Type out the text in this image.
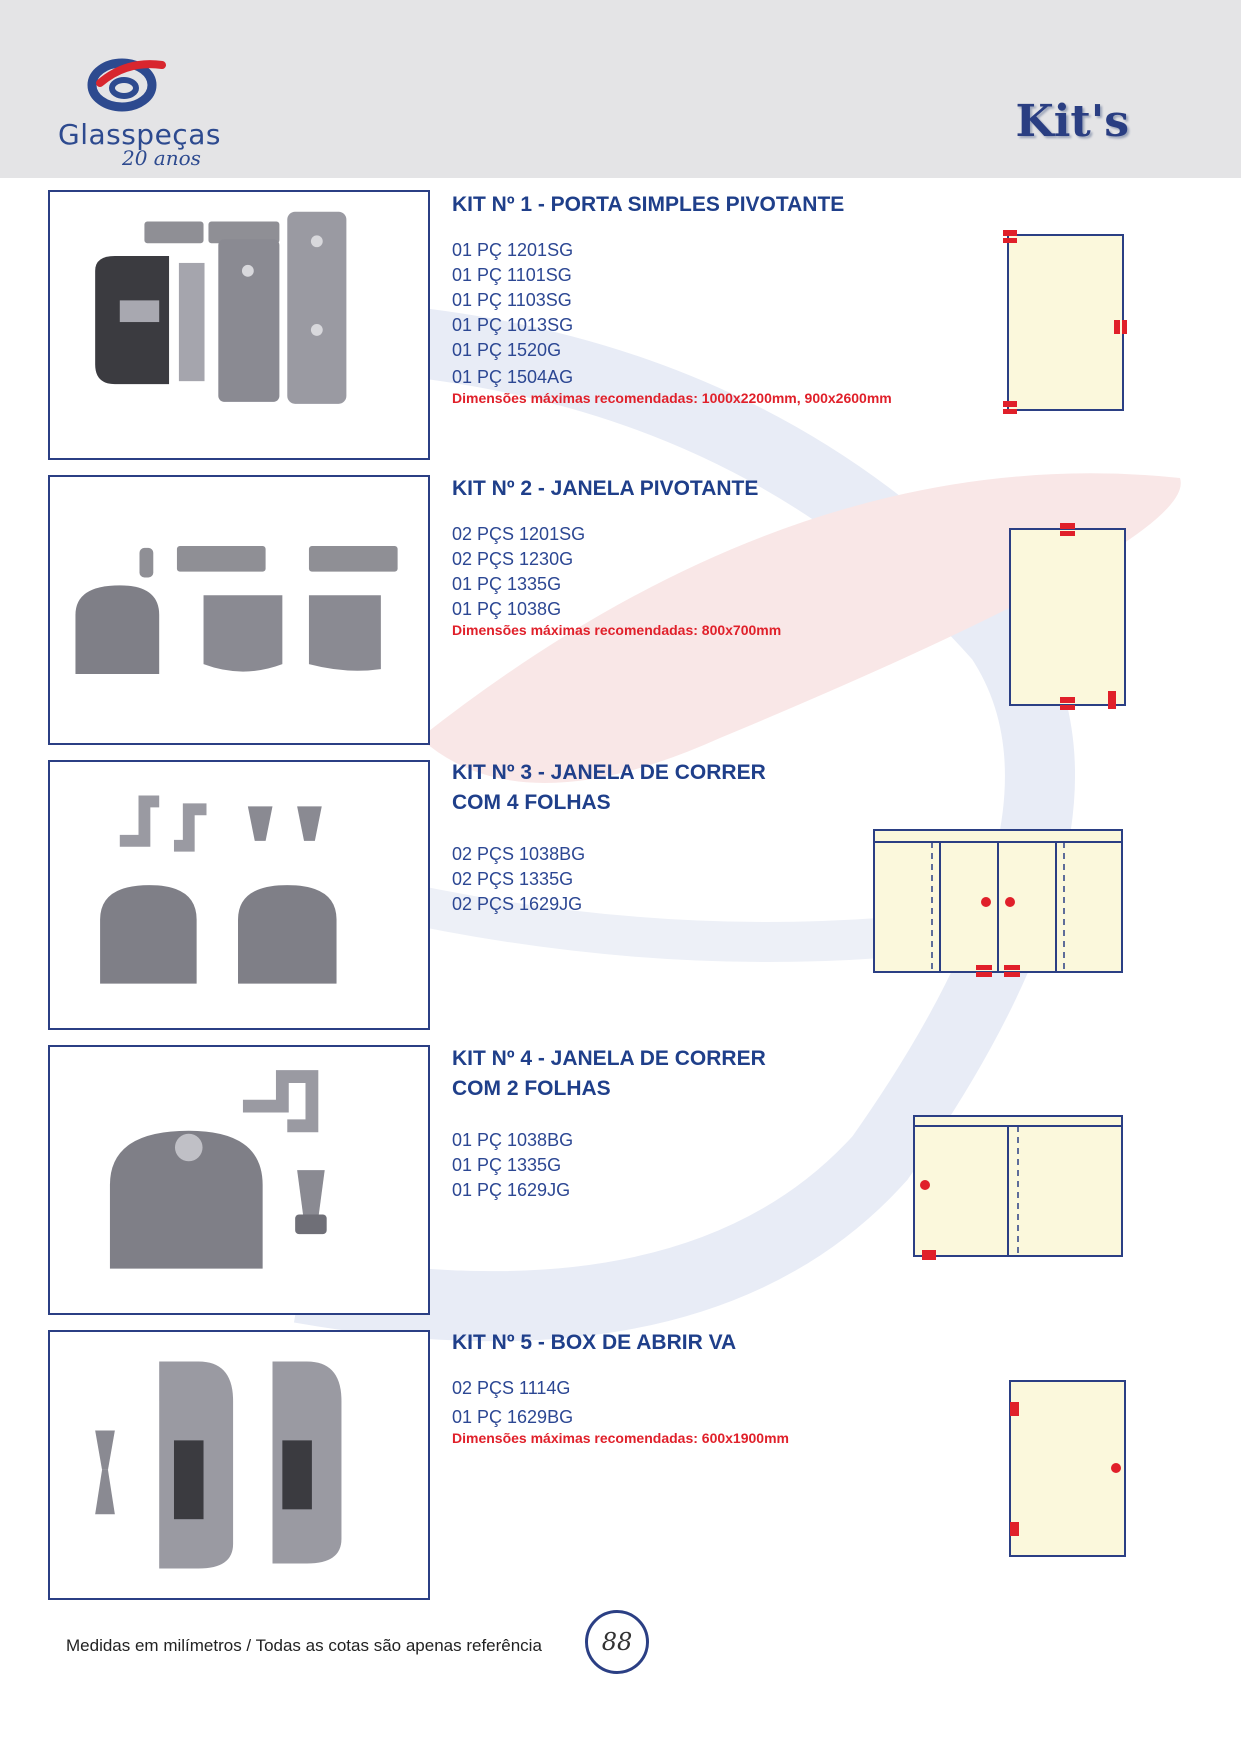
Glasspeças
20 anos
Kit's
KIT Nº 1 - PORTA SIMPLES PIVOTANTE
01 PÇ 1201SG
01 PÇ 1101SG
01 PÇ 1103SG
01 PÇ 1013SG
01 PÇ 1520G
01 PÇ 1504AG
Dimensões máximas recomendadas: 1000x2200mm, 900x2600mm
KIT Nº 2 - JANELA PIVOTANTE
02 PÇS 1201SG
02 PÇS 1230G
01 PÇ 1335G
01 PÇ 1038G
Dimensões máximas recomendadas: 800x700mm
KIT Nº 3 - JANELA DE CORRER
COM 4 FOLHAS
02 PÇS 1038BG
02 PÇS 1335G
02 PÇS 1629JG
KIT Nº 4 - JANELA DE CORRER
COM 2 FOLHAS
01 PÇ 1038BG
01 PÇ 1335G
01 PÇ 1629JG
KIT Nº 5 - BOX DE ABRIR VA
02 PÇS 1114G
01 PÇ 1629BG
Dimensões máximas recomendadas: 600x1900mm
Medidas em milímetros / Todas as cotas são apenas referência	88
